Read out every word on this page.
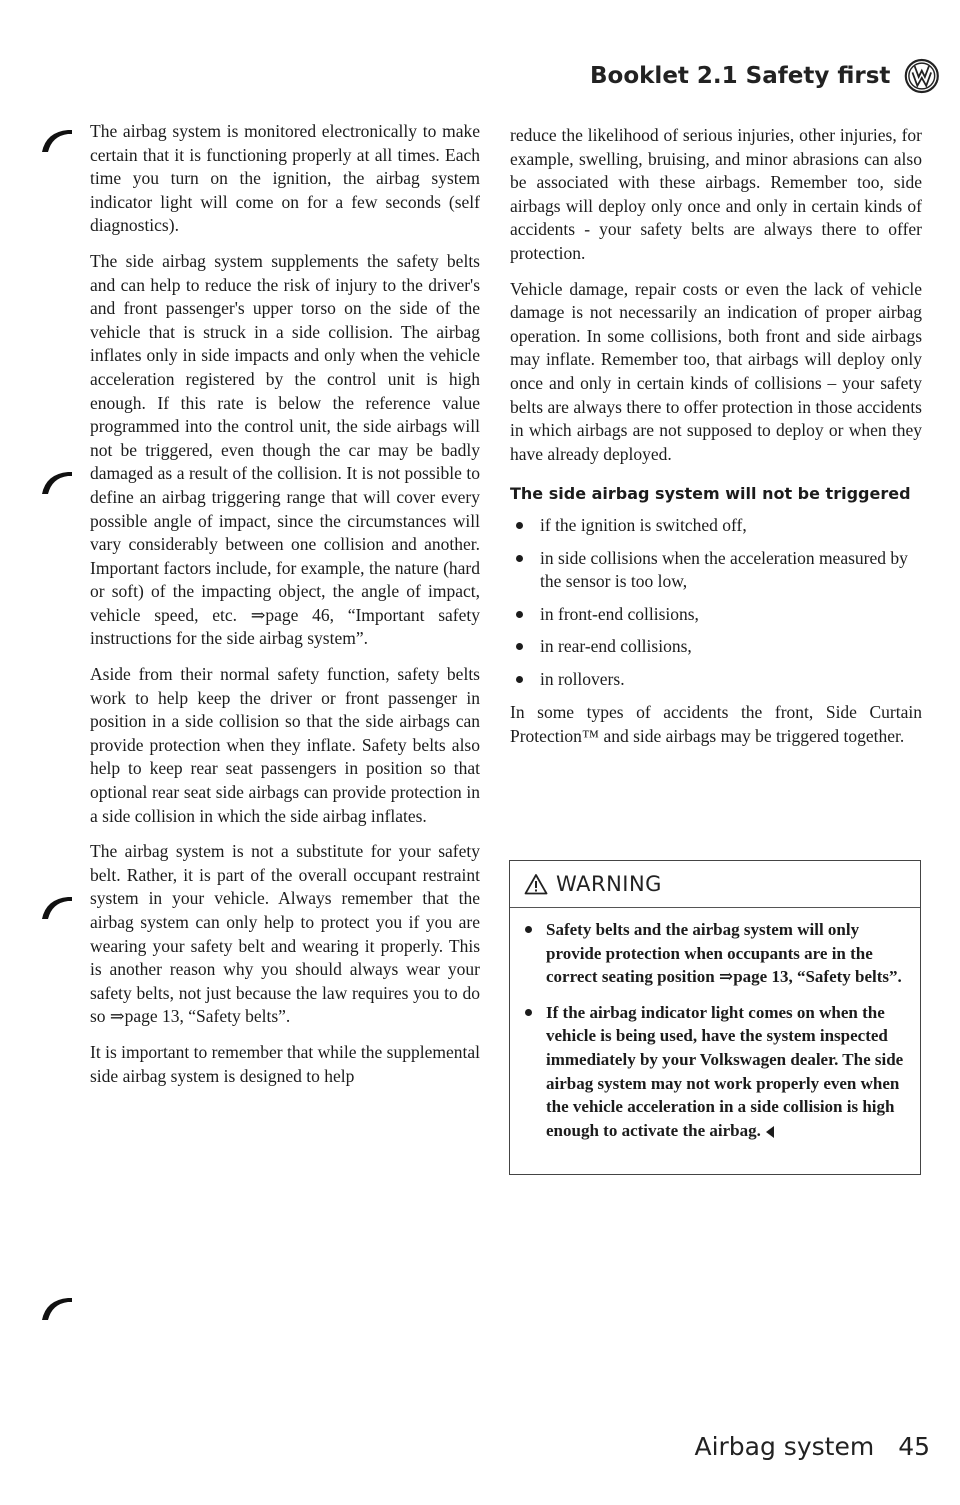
Booklet 2.1 Safety first

The airbag system is monitored electronically to make certain that it is functioning properly at all times. Each time you turn on the ignition, the airbag system indicator light will come on for a few seconds (self diagnostics).

The side airbag system supplements the safety belts and can help to reduce the risk of injury to the driver's and front passenger's upper torso on the side of the vehicle that is struck in a side collision. The airbag inflates only in side impacts and only when the vehicle acceleration registered by the control unit is high enough. If this rate is below the reference value programmed into the control unit, the side airbags will not be triggered, even though the car may be badly damaged as a result of the collision. It is not possible to define an airbag triggering range that will cover every possible angle of impact, since the circumstances will vary considerably between one collision and another. Important factors include, for example, the nature (hard or soft) of the impacting object, the angle of impact, vehicle speed, etc. ⇒page 46, “Important safety instructions for the side airbag system”.

Aside from their normal safety function, safety belts work to help keep the driver or front passenger in position in a side collision so that the side airbags can provide protection when they inflate. Safety belts also help to keep rear seat passengers in position so that optional rear seat side airbags can provide protection in a side collision in which the side airbag inflates.

The airbag system is not a substitute for your safety belt. Rather, it is part of the overall occupant restraint system in your vehicle. Always remember that the airbag system can only help to protect you if you are wearing your safety belt and wearing it properly. This is another reason why you should always wear your safety belts, not just because the law requires you to do so ⇒page 13, “Safety belts”.

It is important to remember that while the supplemental side airbag system is designed to help

reduce the likelihood of serious injuries, other injuries, for example, swelling, bruising, and minor abrasions can also be associated with these airbags. Remember too, side airbags will deploy only once and only in certain kinds of accidents - your safety belts are always there to offer protection.

Vehicle damage, repair costs or even the lack of vehicle damage is not necessarily an indication of proper airbag operation. In some collisions, both front and side airbags may inflate. Remember too, that airbags will deploy only once and only in certain kinds of collisions – your safety belts are always there to offer protection in those accidents in which airbags are not supposed to deploy or when they have already deployed.

The side airbag system will not be triggered
if the ignition is switched off,
in side collisions when the acceleration measured by the sensor is too low,
in front-end collisions,
in rear-end collisions,
in rollovers.

In some types of accidents the front, Side Curtain Protection™ and side airbags may be triggered together.

WARNING
Safety belts and the airbag system will only provide protection when occupants are in the correct seating position ⇒page 13, “Safety belts”.
If the airbag indicator light comes on when the vehicle is being used, have the system inspected immediately by your Volkswagen dealer. The side airbag system may not work properly even when the vehicle acceleration in a side collision is high enough to activate the airbag.
Airbag system 45
